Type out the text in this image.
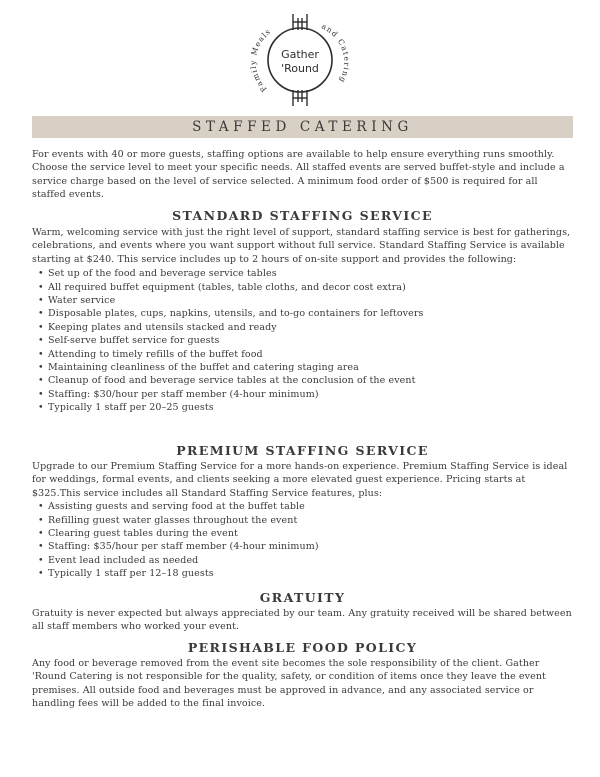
Family Meals	and Catering
Gather
'Round
STAFFED CATERING

For events with 40 or more guests, staffing options are available to help ensure everything runs smoothly. Choose the service level to meet your specific needs. All staffed events are served buffet-style and include a service charge based on the level of service selected. A minimum food order of $500 is required for all staffed events.

STANDARD STAFFING SERVICE

Warm, welcoming service with just the right level of support, standard staffing service is best for gatherings, celebrations, and events where you want support without full service. Standard Staffing Service is available starting at $240. This service includes up to 2 hours of on-site support and provides the following:

• Set up of the food and beverage service tables
• All required buffet equipment (tables, table cloths, and decor cost extra)
• Water service
• Disposable plates, cups, napkins, utensils, and to-go containers for leftovers
• Keeping plates and utensils stacked and ready
• Self-serve buffet service for guests
• Attending to timely refills of the buffet food
• Maintaining cleanliness of the buffet and catering staging area
• Cleanup of food and beverage service tables at the conclusion of the event
• Staffing: $30/hour per staff member (4-hour minimum)
• Typically 1 staff per 20–25 guests
PREMIUM STAFFING SERVICE

Upgrade to our Premium Staffing Service for a more hands-on experience. Premium Staffing Service is ideal for weddings, formal events, and clients seeking a more elevated guest experience. Pricing starts at $325.This service includes all Standard Staffing Service features, plus:

• Assisting guests and serving food at the buffet table
• Refilling guest water glasses throughout the event
• Clearing guest tables during the event
• Staffing: $35/hour per staff member (4-hour minimum)
• Event lead included as needed
• Typically 1 staff per 12–18 guests
GRATUITY

Gratuity is never expected but always appreciated by our team. Any gratuity received will be shared between all staff members who worked your event.

PERISHABLE FOOD POLICY

Any food or beverage removed from the event site becomes the sole responsibility of the client. Gather 'Round Catering is not responsible for the quality, safety, or condition of items once they leave the event premises. All outside food and beverages must be approved in advance, and any associated service or handling fees will be added to the final invoice.
